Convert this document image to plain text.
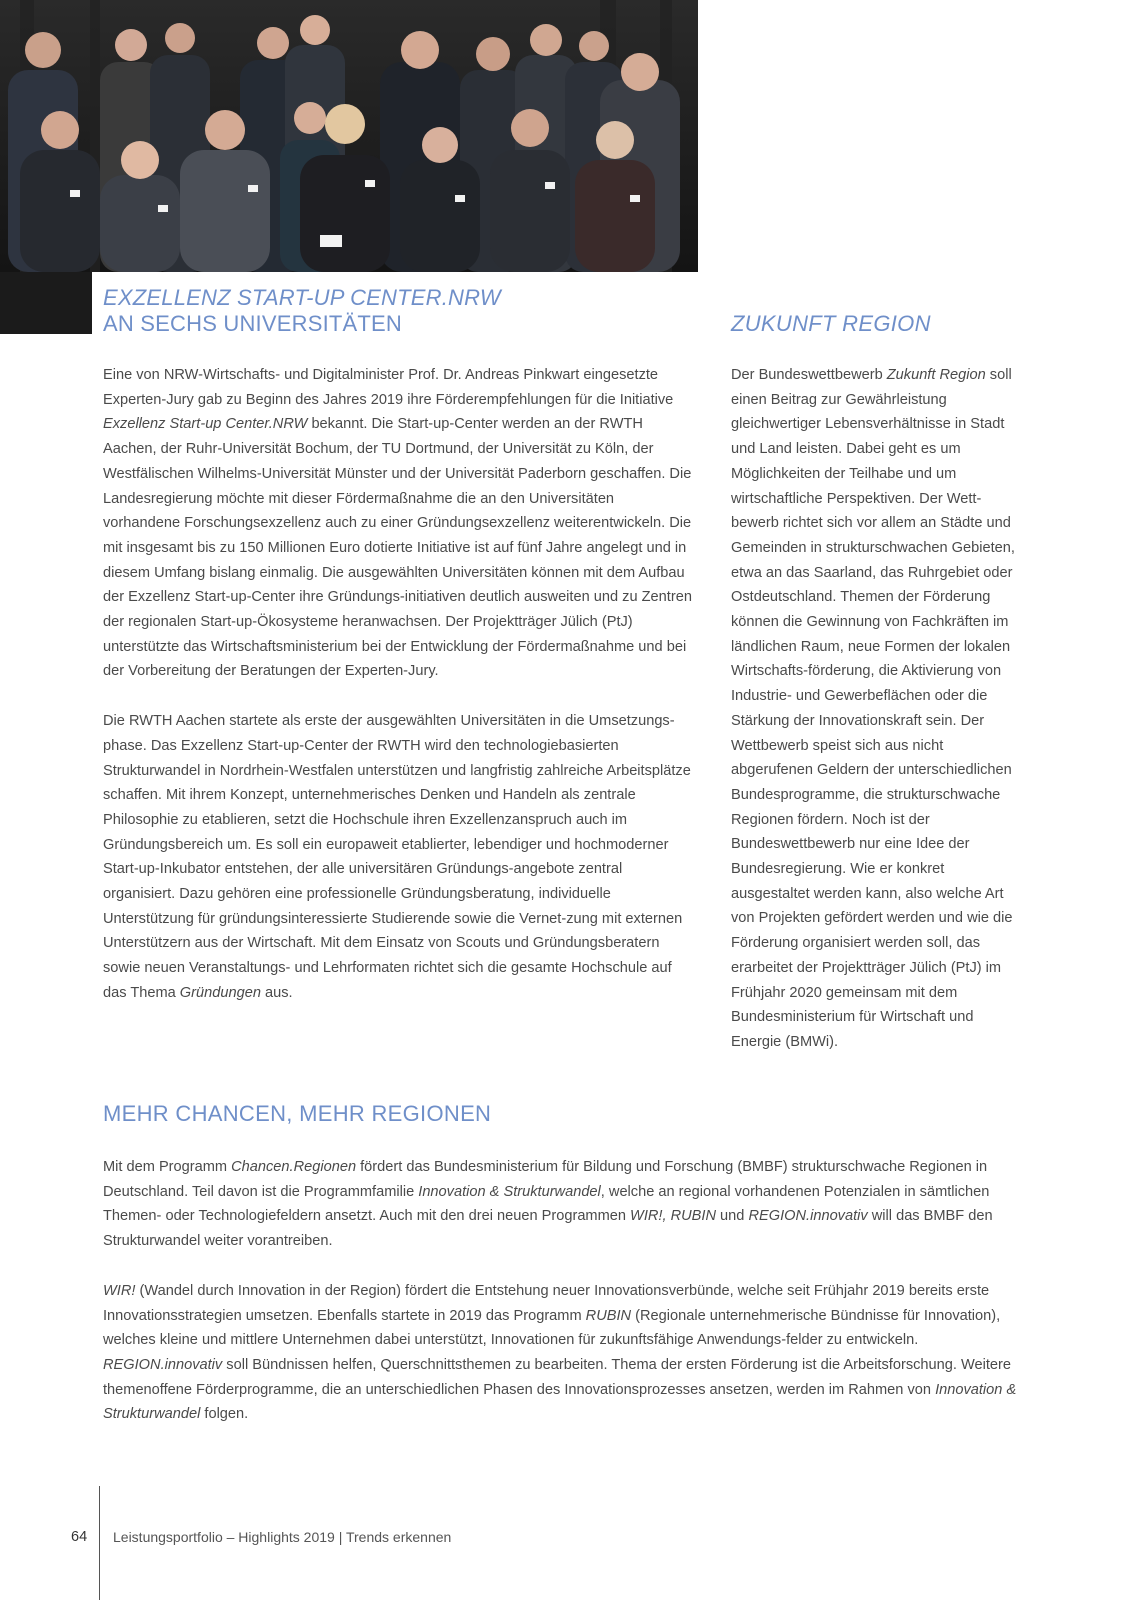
EXZELLENZ START-UP CENTER.NRW
AN SECHS UNIVERSITÄTEN	ZUKUNFT REGION

Eine von NRW-Wirtschafts- und Digitalminister Prof. Dr. Andreas Pinkwart eingesetzte Experten-Jury gab zu Beginn des Jahres 2019 ihre Förderempfehlungen für die Initiative Exzellenz Start-up Center.NRW bekannt. Die Start-up-Center werden an der RWTH Aachen, der Ruhr-Universität Bochum, der TU Dortmund, der Universität zu Köln, der Westfälischen Wilhelms-Universität Münster und der Universität Paderborn geschaffen. Die Landesregierung möchte mit dieser Fördermaßnahme die an den Universitäten vorhandene Forschungsexzellenz auch zu einer Gründungsexzellenz weiterentwickeln. Die mit insgesamt bis zu 150 Millionen Euro dotierte Initiative ist auf fünf Jahre angelegt und in diesem Umfang bislang einmalig. Die ausgewählten Universitäten können mit dem Aufbau der Exzellenz Start-up-Center ihre Gründungs-initiativen deutlich ausweiten und zu Zentren der regionalen Start-up-Ökosysteme heranwachsen. Der Projektträger Jülich (PtJ) unterstützte das Wirtschaftsministerium bei der Entwicklung der Fördermaßnahme und bei der Vorbereitung der Beratungen der Experten-Jury.

Die RWTH Aachen startete als erste der ausgewählten Universitäten in die Umsetzungs-phase. Das Exzellenz Start-up-Center der RWTH wird den technologiebasierten Strukturwandel in Nordrhein-Westfalen unterstützen und langfristig zahlreiche Arbeitsplätze schaffen. Mit ihrem Konzept, unternehmerisches Denken und Handeln als zentrale Philosophie zu etablieren, setzt die Hochschule ihren Exzellenzanspruch auch im Gründungsbereich um. Es soll ein europaweit etablierter, lebendiger und hochmoderner Start-up-Inkubator entstehen, der alle universitären Gründungs-angebote zentral organisiert. Dazu gehören eine professionelle Gründungsberatung, individuelle Unterstützung für gründungsinteressierte Studierende sowie die Vernet-zung mit externen Unterstützern aus der Wirtschaft. Mit dem Einsatz von Scouts und Gründungsberatern sowie neuen Veranstaltungs- und Lehrformaten richtet sich die gesamte Hochschule auf das Thema Gründungen aus.

Der Bundeswettbewerb Zukunft Region soll einen Beitrag zur Gewährleistung gleichwertiger Lebensverhältnisse in Stadt und Land leisten. Dabei geht es um Möglichkeiten der Teilhabe und um wirtschaftliche Perspektiven. Der Wett-bewerb richtet sich vor allem an Städte und Gemeinden in strukturschwachen Gebieten, etwa an das Saarland, das Ruhrgebiet oder Ostdeutschland. Themen der Förderung können die Gewinnung von Fachkräften im ländlichen Raum, neue Formen der lokalen Wirtschafts-förderung, die Aktivierung von Industrie- und Gewerbeflächen oder die Stärkung der Innovationskraft sein. Der Wettbewerb speist sich aus nicht abgerufenen Geldern der unterschiedlichen Bundesprogramme, die strukturschwache Regionen fördern. Noch ist der Bundeswettbewerb nur eine Idee der Bundesregierung. Wie er konkret ausgestaltet werden kann, also welche Art von Projekten gefördert werden und wie die Förderung organisiert werden soll, das erarbeitet der Projektträger Jülich (PtJ) im Frühjahr 2020 gemeinsam mit dem Bundesministerium für Wirtschaft und Energie (BMWi).

MEHR CHANCEN, MEHR REGIONEN

Mit dem Programm Chancen.Regionen fördert das Bundesministerium für Bildung und Forschung (BMBF) strukturschwache Regionen in Deutschland. Teil davon ist die Programmfamilie Innovation & Strukturwandel, welche an regional vorhandenen Potenzialen in sämtlichen Themen- oder Technologiefeldern ansetzt. Auch mit den drei neuen Programmen WIR!, RUBIN und REGION.innovativ will das BMBF den Strukturwandel weiter vorantreiben.

WIR! (Wandel durch Innovation in der Region) fördert die Entstehung neuer Innovationsverbünde, welche seit Frühjahr 2019 bereits erste Innovationsstrategien umsetzen. Ebenfalls startete in 2019 das Programm RUBIN (Regionale unternehmerische Bündnisse für Innovation), welches kleine und mittlere Unternehmen dabei unterstützt, Innovationen für zukunftsfähige Anwendungs-felder zu entwickeln. REGION.innovativ soll Bündnissen helfen, Querschnittsthemen zu bearbeiten. Thema der ersten Förderung ist die Arbeitsforschung. Weitere themenoffene Förderprogramme, die an unterschiedlichen Phasen des Innovationsprozesses ansetzen, werden im Rahmen von Innovation & Strukturwandel folgen.

64 Leistungsportfolio – Highlights 2019 | Trends erkennen
